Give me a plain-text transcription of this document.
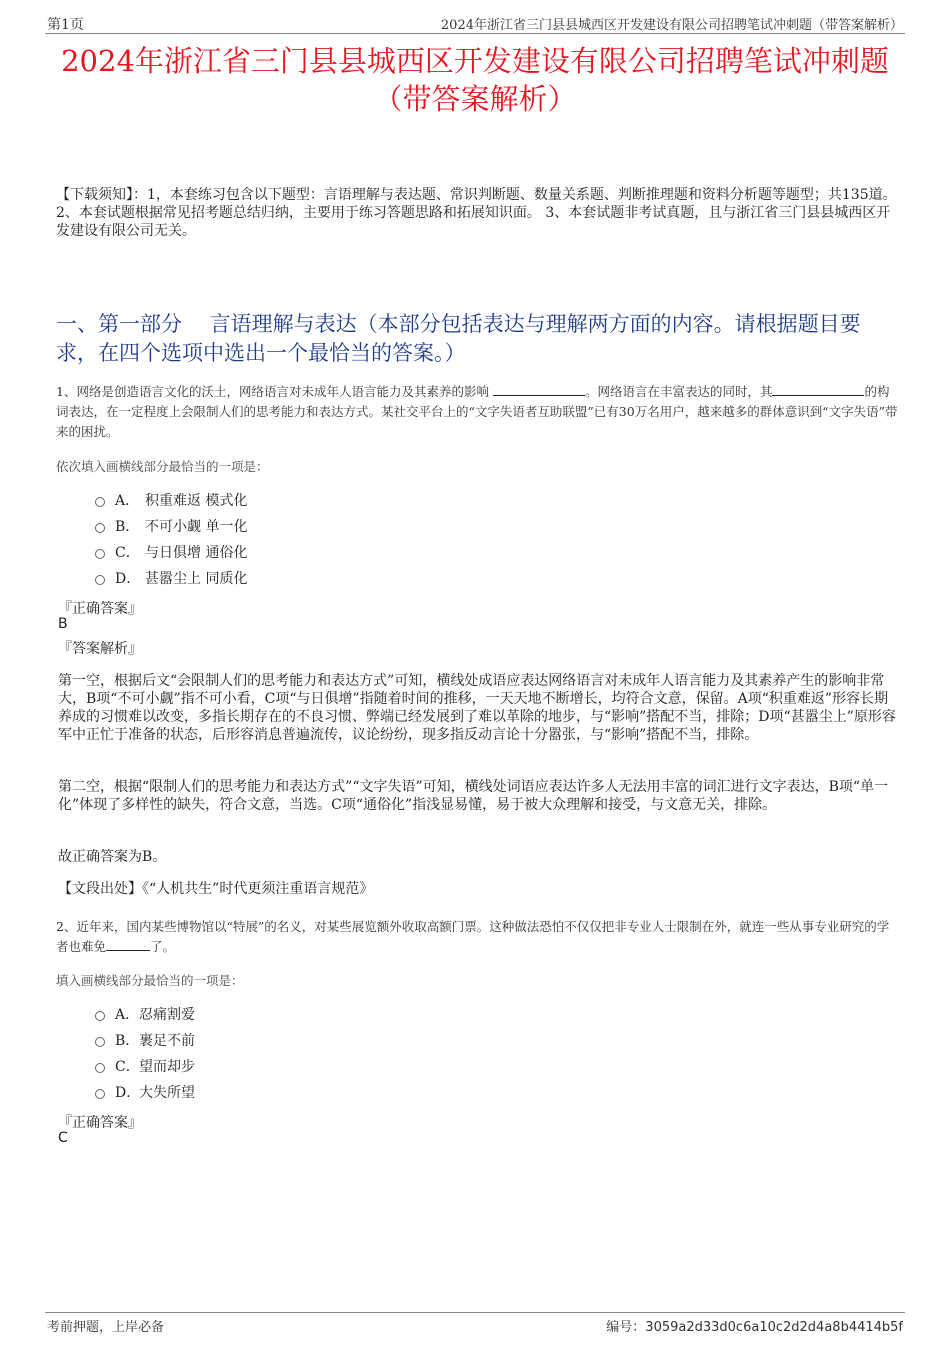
第1页	2024年浙江省三门县县城西区开发建设有限公司招聘笔试冲刺题（带答案解析）
2024年浙江省三门县县城西区开发建设有限公司招聘笔试冲刺题（带答案解析）
【下载须知】：1，本套练习包含以下题型：言语理解与表达题、常识判断题、数量关系题、判断推理题和资料分析题等题型；共135道。 2、本套试题根据常见招考题总结归纳，主要用于练习答题思路和拓展知识面。 3、本套试题非考试真题，且与浙江省三门县县城西区开发建设有限公司无关。
一、第一部分　 言语理解与表达（本部分包括表达与理解两方面的内容。请根据题目要求，在四个选项中选出一个最恰当的答案。）
1、网络是创造语言文化的沃土，网络语言对未成年人语言能力及其素养的影响	。网络语言在丰富表达的同时，其	的构词表达，在一定程度上会限制人们的思考能力和表达方式。某社交平台上的“文字失语者互助联盟”已有30万名用户，越来越多的群体意识到“文字失语”带来的困扰。
依次填入画横线部分最恰当的一项是：
A． 积重难返 模式化
B． 不可小觑 单一化
C． 与日俱增 通俗化
D． 甚嚣尘上 同质化
『正确答案』
B
『答案解析』
第一空，根据后文“会限制人们的思考能力和表达方式”可知，横线处成语应表达网络语言对未成年人语言能力及其素养产生的影响非常大，B项“不可小觑”指不可小看，C项“与日俱增”指随着时间的推移，一天天地不断增长，均符合文意，保留。A项“积重难返”形容长期养成的习惯难以改变，多指长期存在的不良习惯、弊端已经发展到了难以革除的地步，与“影响”搭配不当，排除；D项“甚嚣尘上”原形容军中正忙于准备的状态，后形容消息普遍流传，议论纷纷，现多指反动言论十分嚣张，与“影响”搭配不当，排除。
第二空，根据“限制人们的思考能力和表达方式”“文字失语”可知，横线处词语应表达许多人无法用丰富的词汇进行文字表达，B项“单一化”体现了多样性的缺失，符合文意，当选。C项“通俗化”指浅显易懂，易于被大众理解和接受，与文意无关，排除。
故正确答案为B。
【文段出处】《“人机共生”时代更须注重语言规范》
2、近年来，国内某些博物馆以“特展”的名义，对某些展览额外收取高额门票。这种做法恐怕不仅仅把非专业人士限制在外，就连一些从事专业研究的学者也难免	了。
填入画横线部分最恰当的一项是：
A．忍痛割爱
B．裹足不前
C．望而却步
D．大失所望
『正确答案』
C
考前押题，上岸必备	编号：3059a2d33d0c6a10c2d2d4a8b4414b5f
